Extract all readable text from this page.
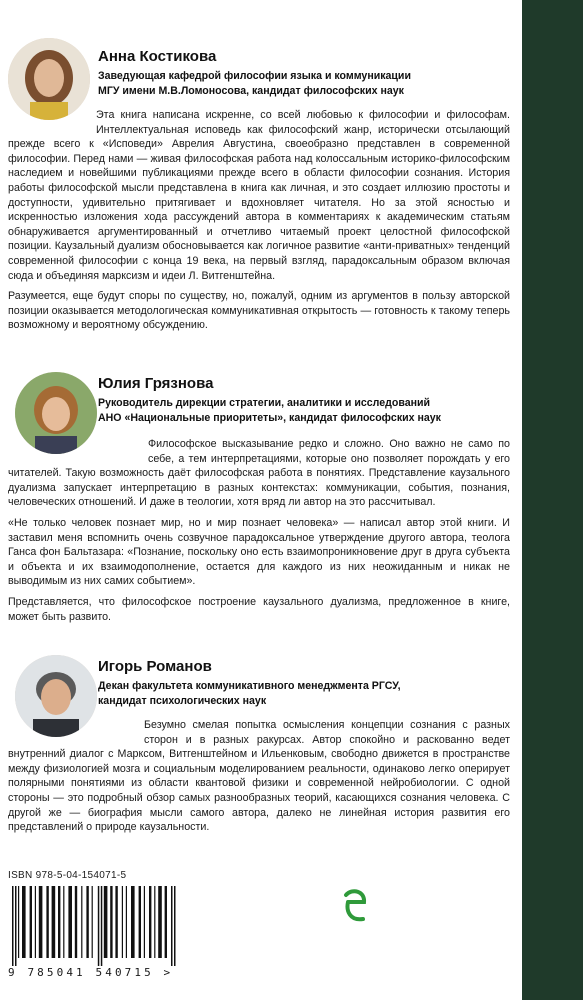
Анна Костикова
Заведующая кафедрой философии языка и коммуникации
МГУ имени М.В.Ломоносова, кандидат философских наук

Эта книга написана искренне, со всей любовью к философии и философам. Интеллектуальная исповедь как философский жанр, исторически отсылающий прежде всего к «Исповеди» Аврелия Августина, своеобразно представлен в современной философии. Перед нами — живая философская работа над колоссальным историко-философским наследием и новейшими публикациями прежде всего в области философии сознания. История работы философской мысли представлена в книга как личная, и это создает иллюзию простоты и доступности, удивительно притягивает и вдохновляет читателя. Но за этой ясностью и искренностью изложения хода рассуждений автора в комментариях к академическим статьям обнаруживается аргументированный и отчетливо читаемый проект целостной философской позиции. Каузальный дуализм обосновывается как логичное развитие «анти-приватных» тенденций современной философии с конца 19 века, на первый взгляд, парадоксальным образом включая сюда и объединяя марксизм и идеи Л. Витгенштейна.

Разумеется, еще будут споры по существу, но, пожалуй, одним из аргументов в пользу авторской позиции оказывается методологическая коммуникативная открытость — готовность к такому теперь возможному и вероятному обсуждению.

Юлия Грязнова
Руководитель дирекции стратегии, аналитики и исследований
АНО «Национальные приоритеты», кандидат философских наук

Философское высказывание редко и сложно. Оно важно не само по себе, а тем интерпретациями, которые оно позволяет порождать у его читателей. Такую возможность даёт философская работа в понятиях. Представление каузального дуализма запускает интерпретацию в разных контекстах: коммуникации, события, познания, человеческих отношений. И даже в теологии, хотя вряд ли автор на это рассчитывал.

«Не только человек познает мир, но и мир познает человека» — написал автор этой книги. И заставил меня вспомнить очень созвучное парадоксальное утверждение другого автора, теолога Ганса фон Бальтазара: «Познание, поскольку оно есть взаимопроникновение друг в друга субъекта и объекта и их взаимодополнение, остается для каждого из них неожиданным и никак не выводимым из них самих событием».

Представляется, что философское построение каузального дуализма, предложенное в книге, может быть развито.

Игорь Романов
Декан факультета коммуникативного менеджмента РГСУ,
кандидат психологических наук

Безумно смелая попытка осмысления концепции сознания с разных сторон и в разных ракурсах. Автор спокойно и раскованно ведет внутренний диалог с Марксом, Витгенштейном и Ильенковым, свободно движется в пространстве между физиологией мозга и социальным моделированием реальности, одинаково легко оперирует полярными понятиями из области квантовой физики и современной нейробиологии. С одной стороны — это подробный обзор самых разнообразных теорий, касающихся сознания человека. С другой же — биография мысли самого автора, далеко не линейная история развития его представлений о природе каузальности.

ISBN 978-5-04-154071-5
9 785041 540715 >
